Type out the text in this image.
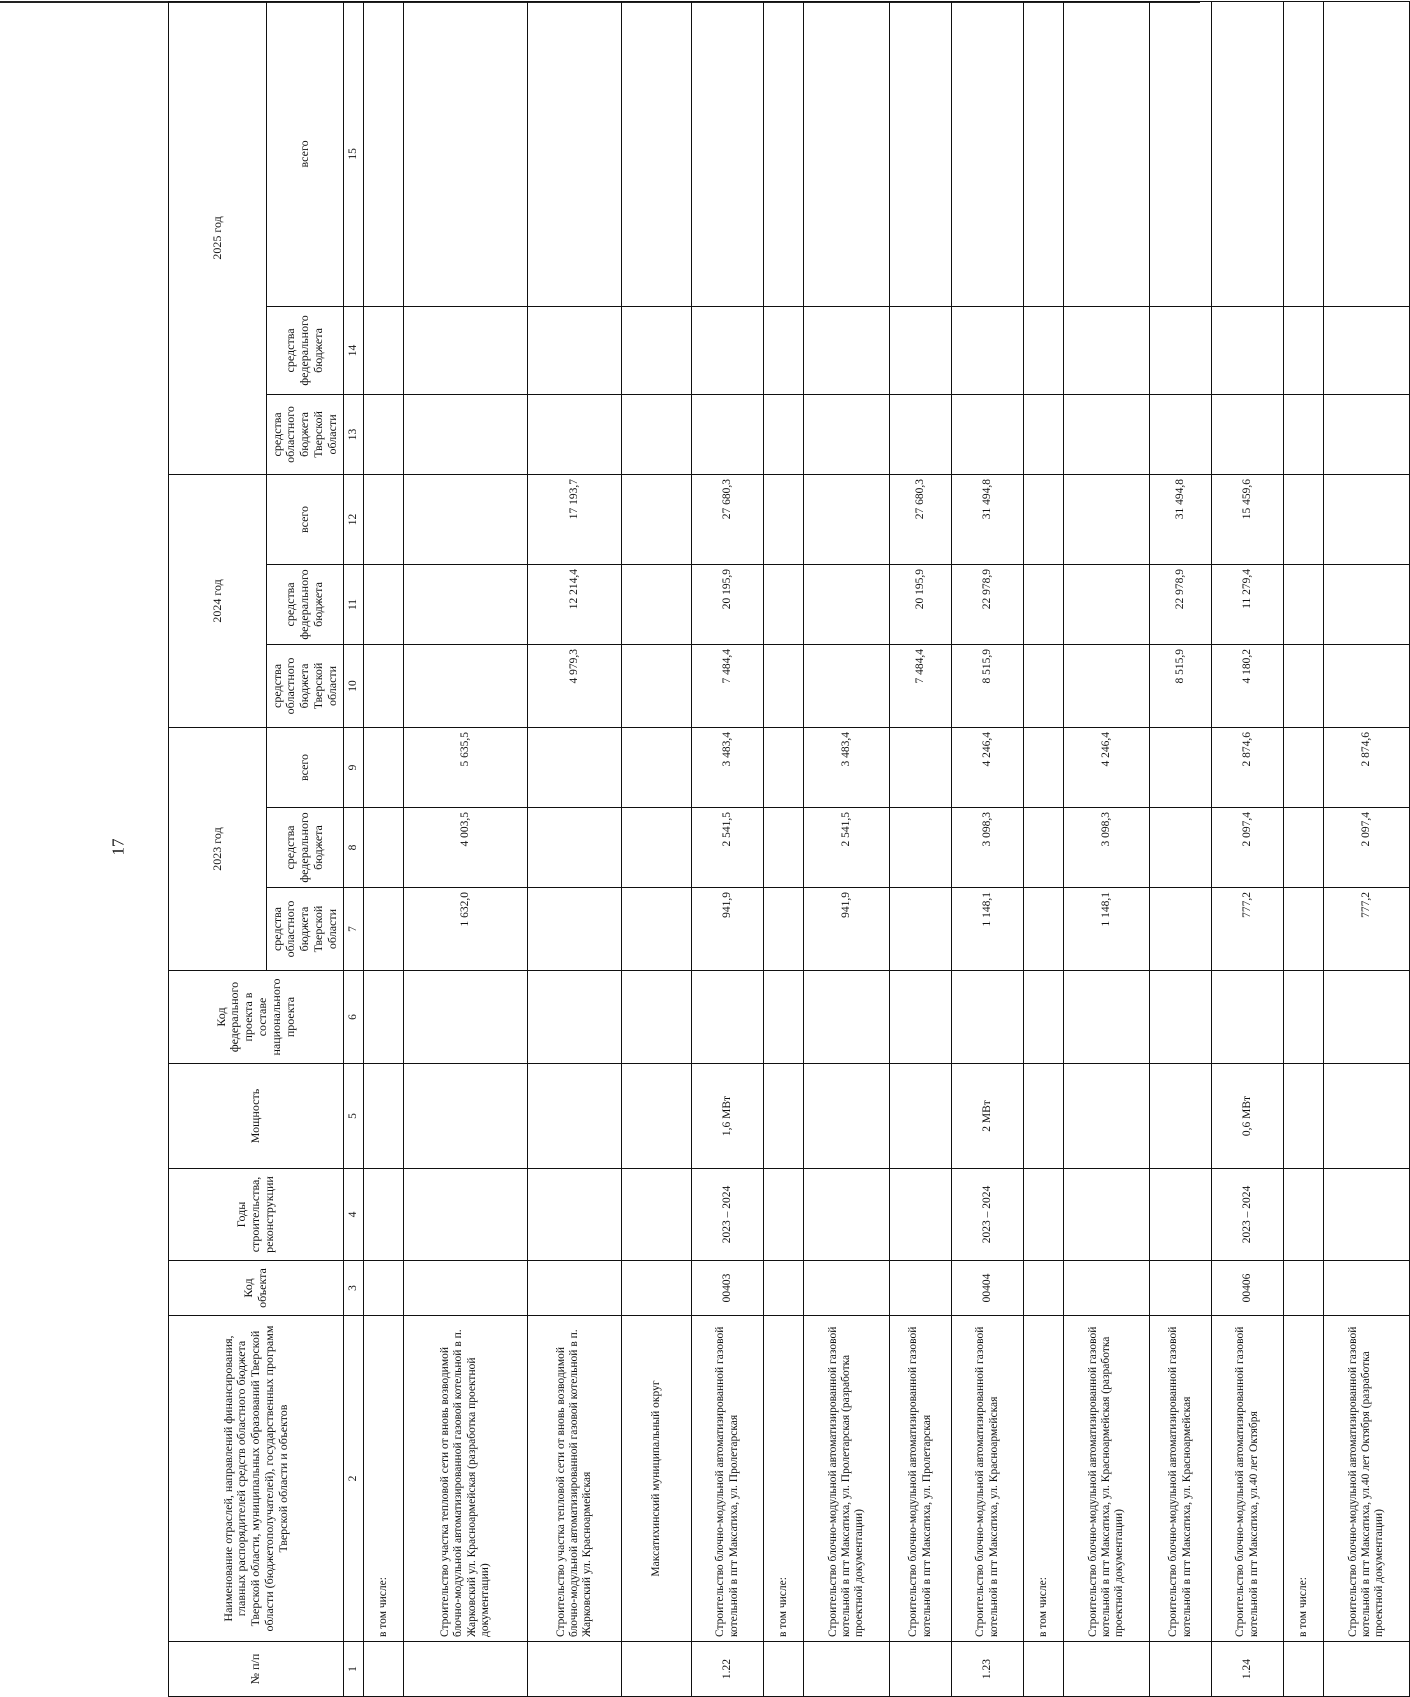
17
№ п/п	Наименование отраслей, направлений финансирования, главных распорядителей средств областного бюджета Тверской области, муниципальных образований Тверской области (бюджетополучателей), государственных программ Тверской области и объектов	Код объекта	Годы строительства, реконструкции	Мощность	Код федерального проекта в составе национального проекта	2023 год			2024 год			2025 год		
						средства областного бюджета Тверской области	средства федерального бюджета	всего	средства областного бюджета Тверской области	средства федерального бюджета	всего	средства областного бюджета Тверской области	средства федерального бюджета	всего
1	2	3	4	5	6	7	8	9	10	11	12	13	14	15
	в том числе:													
	Строительство участка тепловой сети от вновь возводимой блочно-модульной автоматизированной газовой котельной в п. Жарковский ул. Красноармейская (разработка проектной документации)					1 632,0	4 003,5	5 635,5						
	Строительство участка тепловой сети от вновь возводимой блочно-модульной автоматизированной газовой котельной в п. Жарковский ул. Красноармейская								4 979,3	12 214,4	17 193,7			
	Максатихинский муниципальный округ													
1.22	Строительство блочно-модульной автоматизированной газовой котельной в пгт Максатиха, ул. Пролетарская	00403	2023 – 2024	1,6 МВт		941,9	2 541,5	3 483,4	7 484,4	20 195,9	27 680,3			
	в том числе:													
	Строительство блочно-модульной автоматизированной газовой котельной в пгт Максатиха, ул. Пролетарская (разработка проектной документации)					941,9	2 541,5	3 483,4						
	Строительство блочно-модульной автоматизированной газовой котельной в пгт Максатиха, ул. Пролетарская								7 484,4	20 195,9	27 680,3			
1.23	Строительство блочно-модульной автоматизированной газовой котельной в пгт Максатиха, ул. Красноармейская	00404	2023 – 2024	2 МВт		1 148,1	3 098,3	4 246,4	8 515,9	22 978,9	31 494,8			
	в том числе:													
	Строительство блочно-модульной автоматизированной газовой котельной в пгт Максатиха, ул. Красноармейская (разработка проектной документации)					1 148,1	3 098,3	4 246,4						
	Строительство блочно-модульной автоматизированной газовой котельной в пгт Максатиха, ул. Красноармейская								8 515,9	22 978,9	31 494,8			
1.24	Строительство блочно-модульной автоматизированной газовой котельной в пгт Максатиха, ул.40 лет Октября	00406	2023 – 2024	0,6 МВт		777,2	2 097,4	2 874,6	4 180,2	11 279,4	15 459,6			
	в том числе:													
	Строительство блочно-модульной автоматизированной газовой котельной в пгт Максатиха, ул.40 лет Октября (разработка проектной документации)					777,2	2 097,4	2 874,6						
